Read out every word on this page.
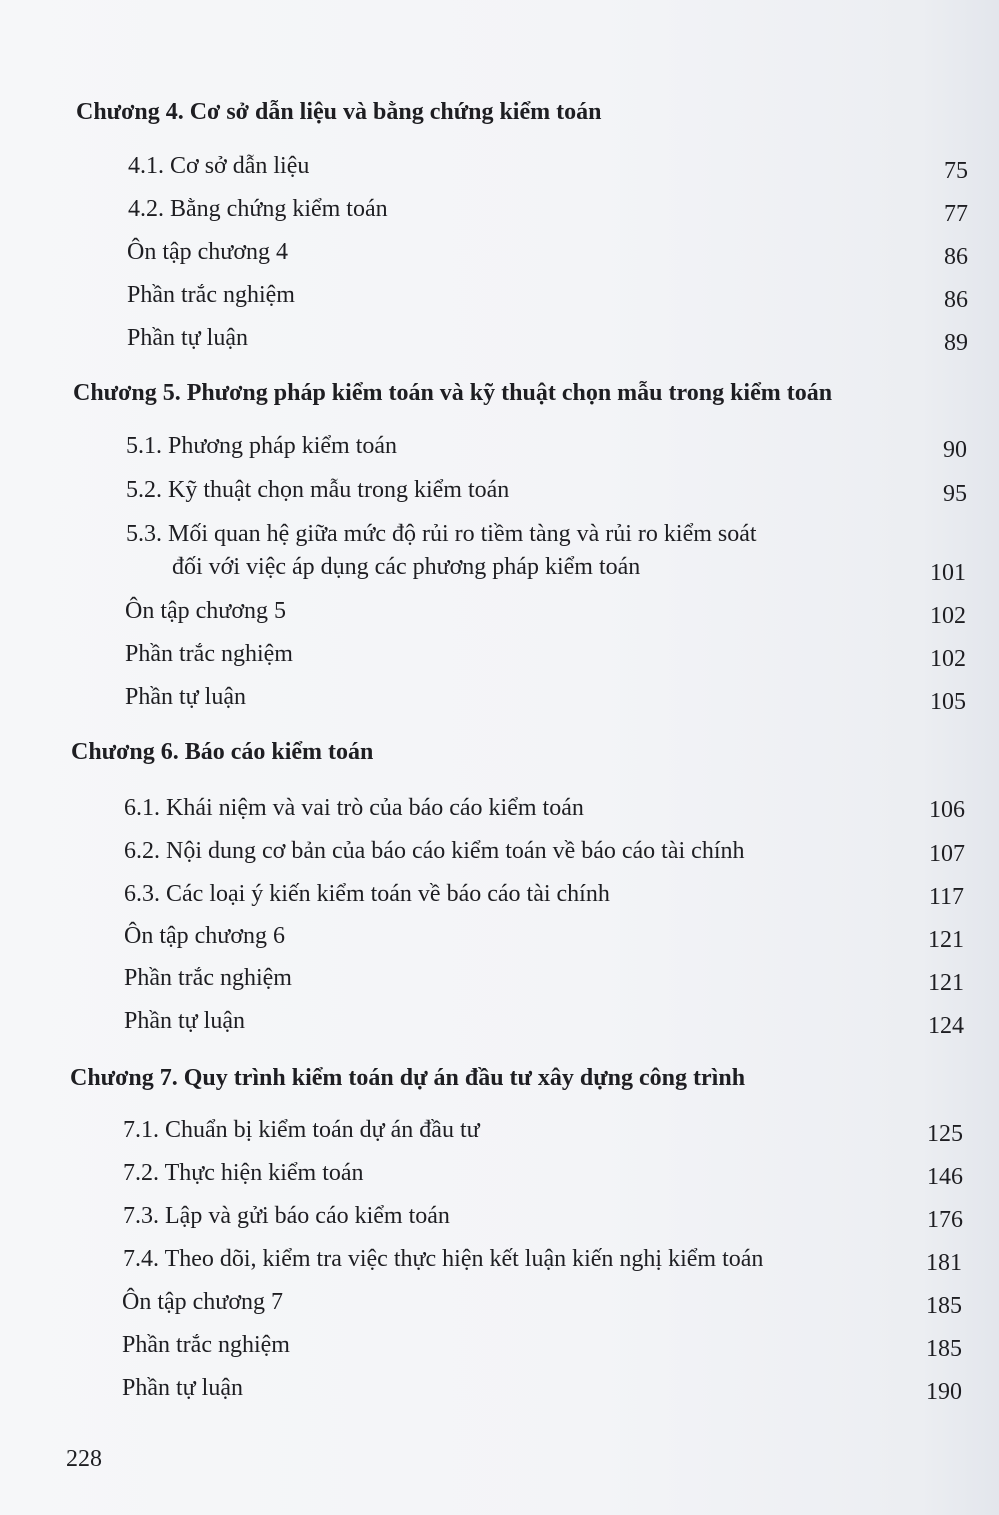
Chương 4. Cơ sở dẫn liệu và bằng chứng kiểm toán
4.1. Cơ sở dẫn liệu	75
4.2. Bằng chứng kiểm toán	77
Ôn tập chương 4	86
Phần trắc nghiệm	86
Phần tự luận	89
Chương 5. Phương pháp kiểm toán và kỹ thuật chọn mẫu trong kiểm toán
5.1. Phương pháp kiểm toán	90
5.2. Kỹ thuật chọn mẫu trong kiểm toán	95
5.3. Mối quan hệ giữa mức độ rủi ro tiềm tàng và rủi ro kiểm soát
đối với việc áp dụng các phương pháp kiểm toán	101
Ôn tập chương 5	102
Phần trắc nghiệm	102
Phần tự luận	105
Chương 6. Báo cáo kiểm toán
6.1. Khái niệm và vai trò của báo cáo kiểm toán	106
6.2. Nội dung cơ bản của báo cáo kiểm toán về báo cáo tài chính	107
6.3. Các loại ý kiến kiểm toán về báo cáo tài chính	117
Ôn tập chương 6	121
Phần trắc nghiệm	121
Phần tự luận	124
Chương 7. Quy trình kiểm toán dự án đầu tư xây dựng công trình
7.1. Chuẩn bị kiểm toán dự án đầu tư	125
7.2. Thực hiện kiểm toán	146
7.3. Lập và gửi báo cáo kiểm toán	176
7.4. Theo dõi, kiểm tra việc thực hiện kết luận kiến nghị kiểm toán	181
Ôn tập chương 7	185
Phần trắc nghiệm	185
Phần tự luận	190
228
